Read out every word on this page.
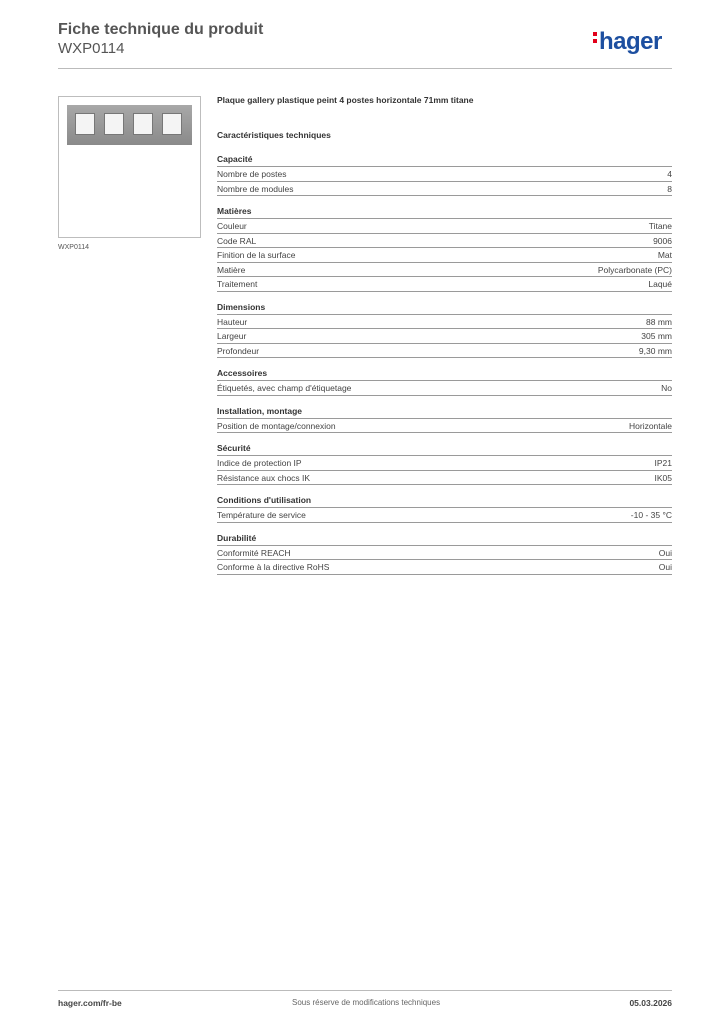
Fiche technique du produit
WXP0114	hager
WXP0114
Plaque gallery plastique peint 4 postes horizontale 71mm titane
Caractéristiques techniques
Capacité
Nombre de postes	4
Nombre de modules	8
Matières
Couleur	Titane
Code RAL	9006
Finition de la surface	Mat
Matière	Polycarbonate (PC)
Traitement	Laqué
Dimensions
Hauteur	88 mm
Largeur	305 mm
Profondeur	9,30 mm
Accessoires
Étiquetés, avec champ d'étiquetage	No
Installation, montage
Position de montage/connexion	Horizontale
Sécurité
Indice de protection IP	IP21
Résistance aux chocs IK	IK05
Conditions d'utilisation
Température de service	-10 - 35 °C
Durabilité
Conformité REACH	Oui
Conforme à la directive RoHS	Oui
hager.com/fr-be	Sous réserve de modifications techniques	05.03.2026
